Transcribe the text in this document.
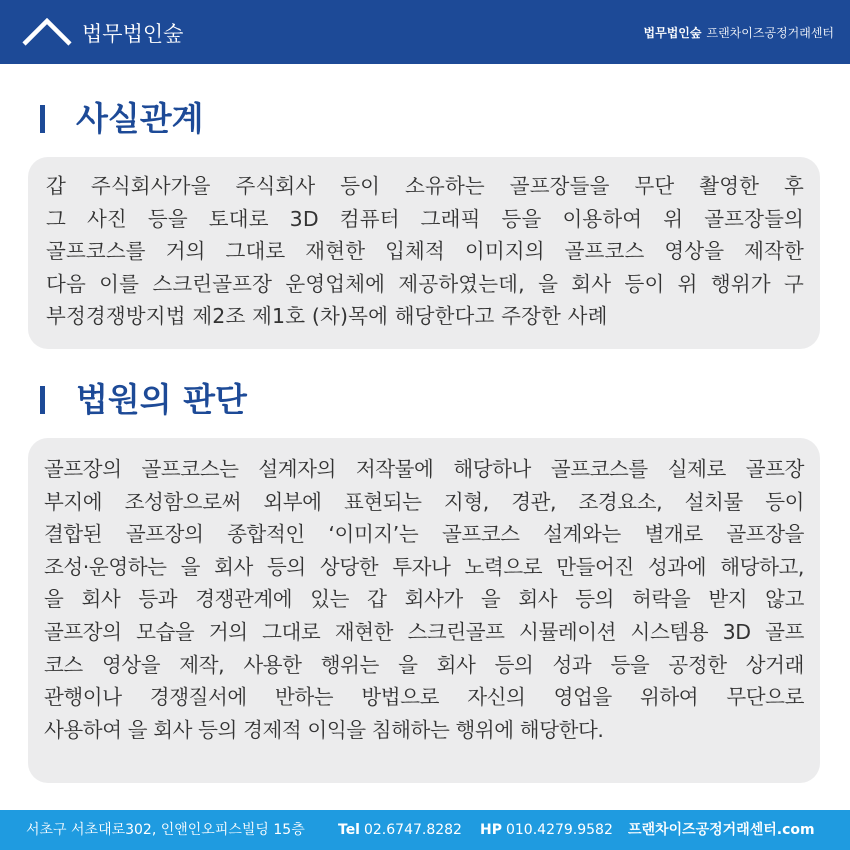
법무법인숲	법무법인숲 프랜차이즈공정거래센터
사실관계
갑 주식회사가을 주식회사 등이 소유하는 골프장들을 무단 촬영한 후
그 사진 등을 토대로 3D 컴퓨터 그래픽 등을 이용하여 위 골프장들의
골프코스를 거의 그대로 재현한 입체적 이미지의 골프코스 영상을 제작한
다음 이를 스크린골프장 운영업체에 제공하였는데, 을 회사 등이 위 행위가 구
부정경쟁방지법 제2조 제1호 (차)목에 해당한다고 주장한 사례
법원의 판단
골프장의 골프코스는 설계자의 저작물에 해당하나 골프코스를 실제로 골프장
부지에 조성함으로써 외부에 표현되는 지형, 경관, 조경요소, 설치물 등이
결합된 골프장의 종합적인 ‘이미지’는 골프코스 설계와는 별개로 골프장을
조성·운영하는 을 회사 등의 상당한 투자나 노력으로 만들어진 성과에 해당하고,
을 회사 등과 경쟁관계에 있는 갑 회사가 을 회사 등의 허락을 받지 않고
골프장의 모습을 거의 그대로 재현한 스크린골프 시뮬레이션 시스템용 3D 골프
코스 영상을 제작, 사용한 행위는 을 회사 등의 성과 등을 공정한 상거래
관행이나 경쟁질서에 반하는 방법으로 자신의 영업을 위하여 무단으로
사용하여 을 회사 등의 경제적 이익을 침해하는 행위에 해당한다.
서초구 서초대로302, 인앤인오피스빌딩 15층 Tel 02.6747.8282 HP 010.4279.9582 프랜차이즈공정거래센터.com
